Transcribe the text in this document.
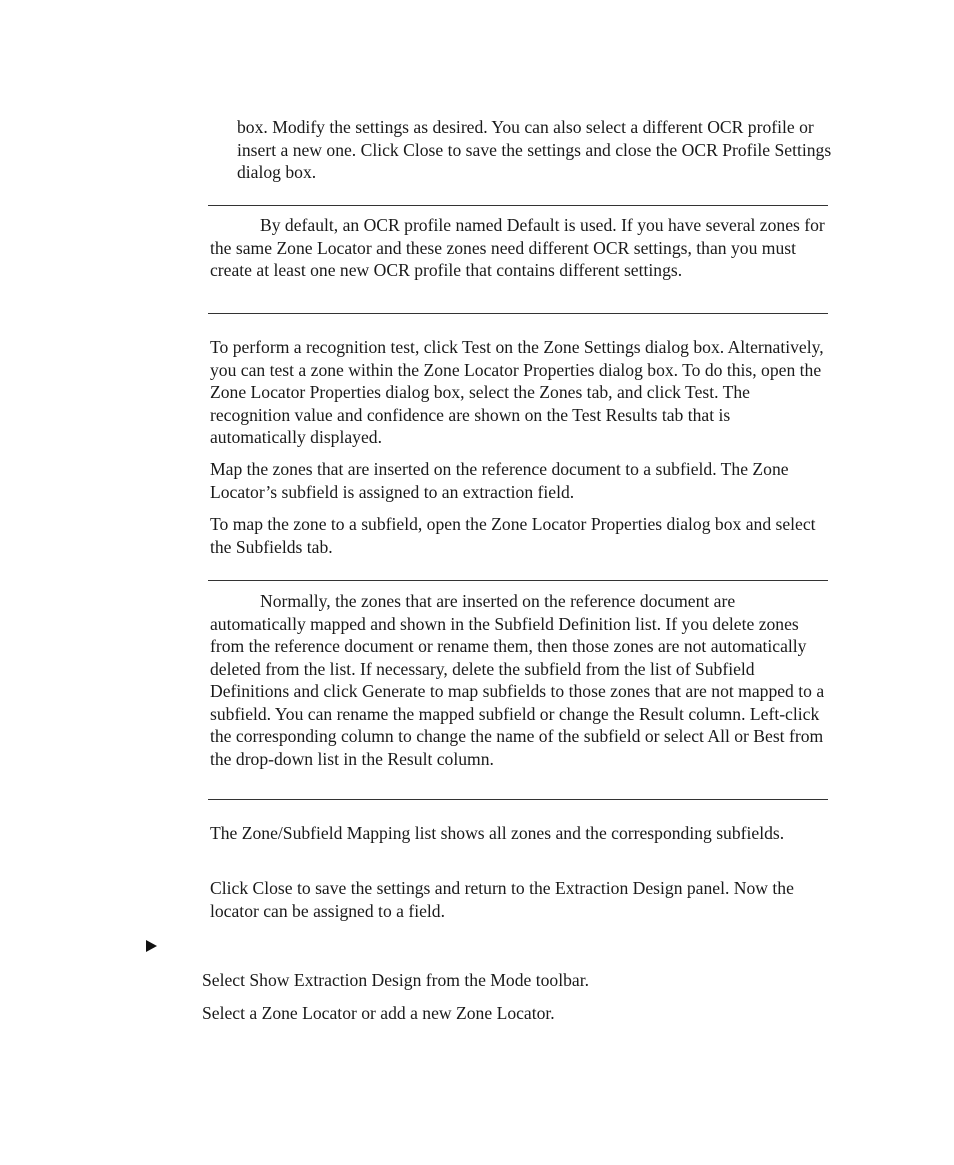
box. Modify the settings as desired. You can also select a different OCR profile or insert a new one. Click Close to save the settings and close the OCR Profile Settings dialog box.

By default, an OCR profile named Default is used. If you have several zones for the same Zone Locator and these zones need different OCR settings, than you must create at least one new OCR profile that contains different settings.

To perform a recognition test, click Test on the Zone Settings dialog box. Alternatively, you can test a zone within the Zone Locator Properties dialog box. To do this, open the Zone Locator Properties dialog box, select the Zones tab, and click Test. The recognition value and confidence are shown on the Test Results tab that is automatically displayed.

Map the zones that are inserted on the reference document to a subfield. The Zone Locator’s subfield is assigned to an extraction field.

To map the zone to a subfield, open the Zone Locator Properties dialog box and select the Subfields tab.

Normally, the zones that are inserted on the reference document are automatically mapped and shown in the Subfield Definition list. If you delete zones from the reference document or rename them, then those zones are not automatically deleted from the list. If necessary, delete the subfield from the list of Subfield Definitions and click Generate to map subfields to those zones that are not mapped to a subfield. You can rename the mapped subfield or change the Result column. Left-click the corresponding column to change the name of the subfield or select All or Best from the drop-down list in the Result column.

The Zone/Subfield Mapping list shows all zones and the corresponding subfields.

Click Close to save the settings and return to the Extraction Design panel. Now the locator can be assigned to a field.

Select Show Extraction Design from the Mode toolbar.

Select a Zone Locator or add a new Zone Locator.
